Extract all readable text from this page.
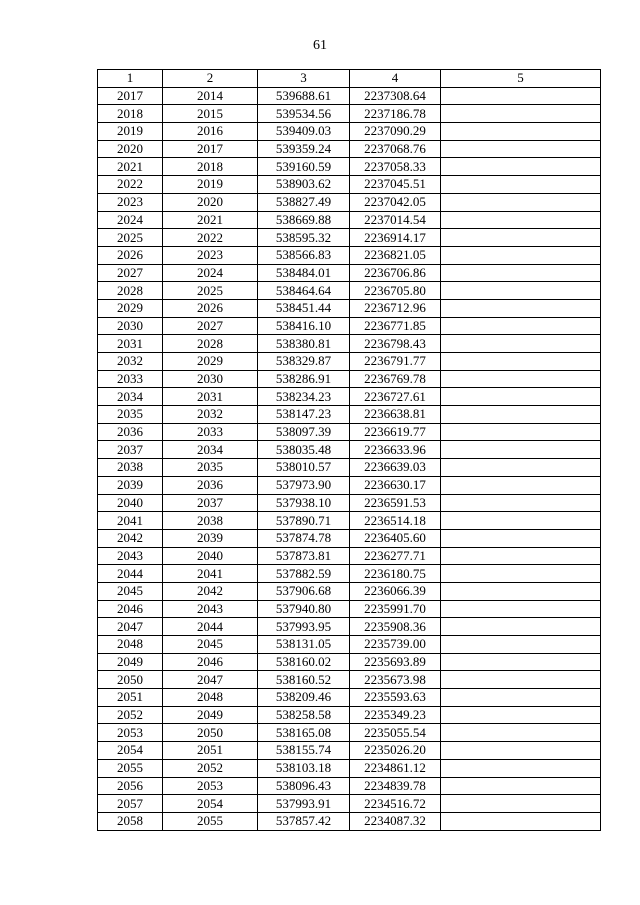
61
1	2	3	4	5
2017	2014	539688.61	2237308.64	
2018	2015	539534.56	2237186.78	
2019	2016	539409.03	2237090.29	
2020	2017	539359.24	2237068.76	
2021	2018	539160.59	2237058.33	
2022	2019	538903.62	2237045.51	
2023	2020	538827.49	2237042.05	
2024	2021	538669.88	2237014.54	
2025	2022	538595.32	2236914.17	
2026	2023	538566.83	2236821.05	
2027	2024	538484.01	2236706.86	
2028	2025	538464.64	2236705.80	
2029	2026	538451.44	2236712.96	
2030	2027	538416.10	2236771.85	
2031	2028	538380.81	2236798.43	
2032	2029	538329.87	2236791.77	
2033	2030	538286.91	2236769.78	
2034	2031	538234.23	2236727.61	
2035	2032	538147.23	2236638.81	
2036	2033	538097.39	2236619.77	
2037	2034	538035.48	2236633.96	
2038	2035	538010.57	2236639.03	
2039	2036	537973.90	2236630.17	
2040	2037	537938.10	2236591.53	
2041	2038	537890.71	2236514.18	
2042	2039	537874.78	2236405.60	
2043	2040	537873.81	2236277.71	
2044	2041	537882.59	2236180.75	
2045	2042	537906.68	2236066.39	
2046	2043	537940.80	2235991.70	
2047	2044	537993.95	2235908.36	
2048	2045	538131.05	2235739.00	
2049	2046	538160.02	2235693.89	
2050	2047	538160.52	2235673.98	
2051	2048	538209.46	2235593.63	
2052	2049	538258.58	2235349.23	
2053	2050	538165.08	2235055.54	
2054	2051	538155.74	2235026.20	
2055	2052	538103.18	2234861.12	
2056	2053	538096.43	2234839.78	
2057	2054	537993.91	2234516.72	
2058	2055	537857.42	2234087.32	
